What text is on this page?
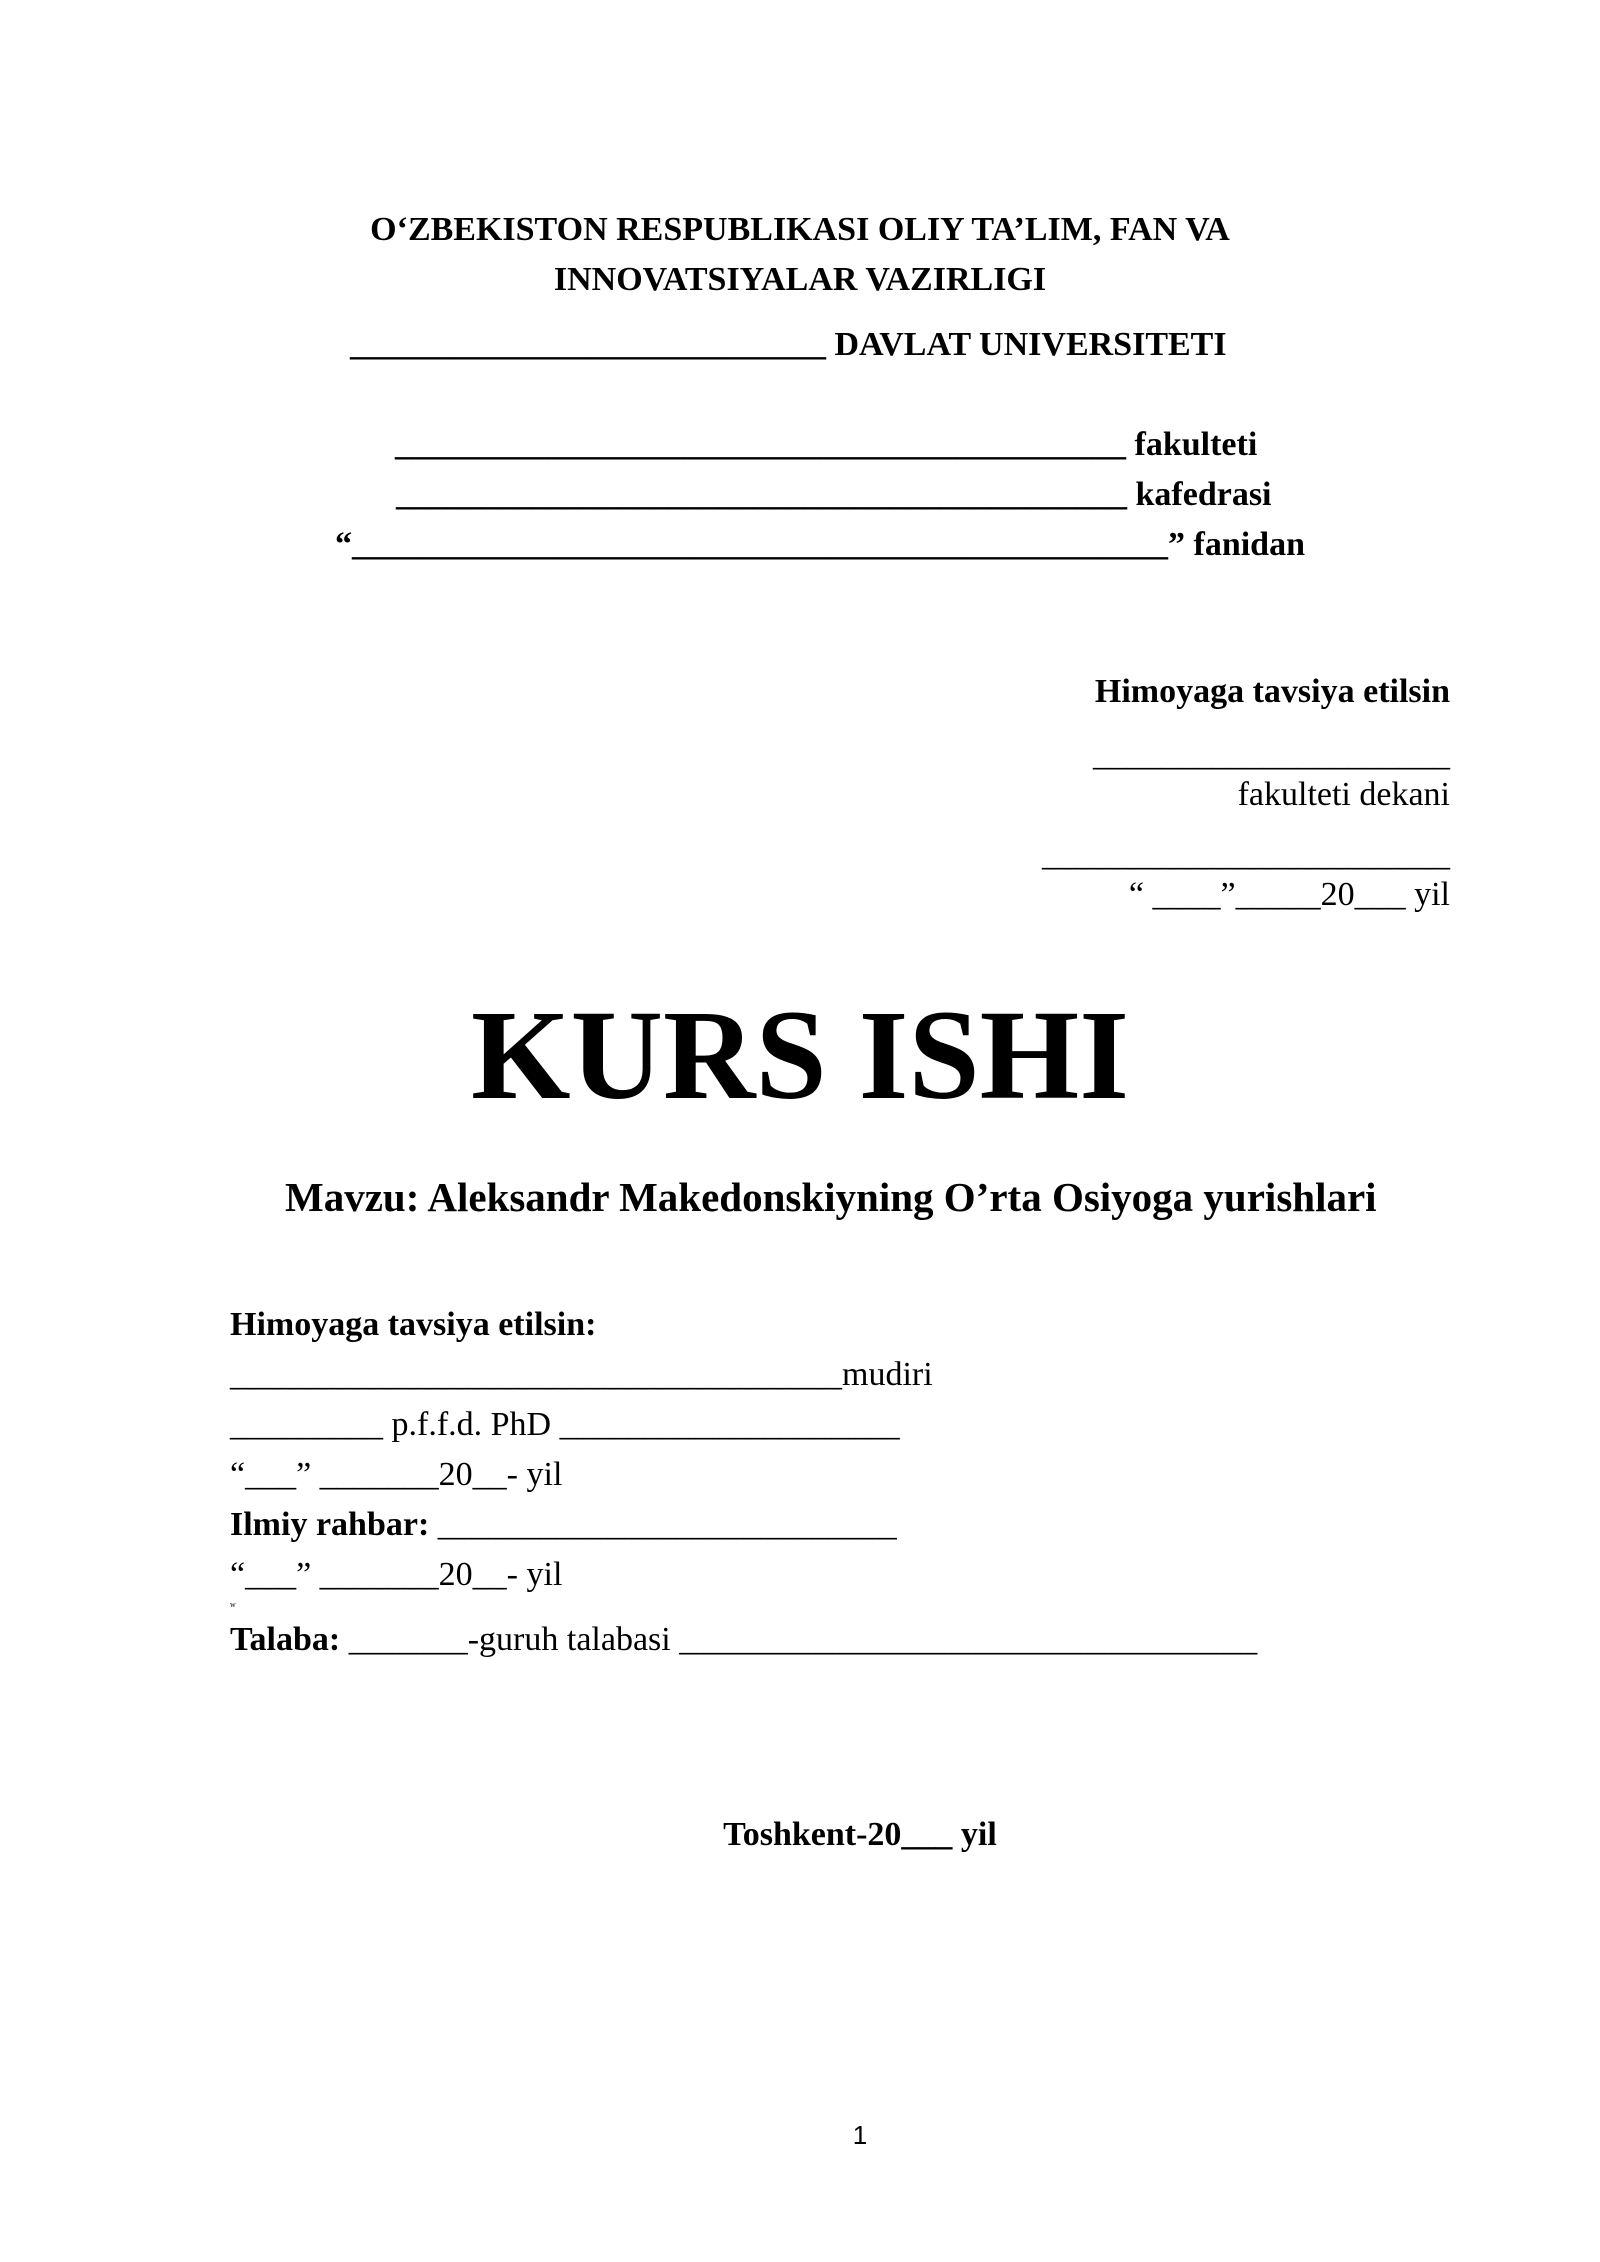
O‘ZBEKISTON RESPUBLIKASI OLIY TA’LIM, FAN VA
INNOVATSIYALAR VAZIRLIGI
____________________________ DAVLAT UNIVERSITETI
___________________________________________ fakulteti
___________________________________________ kafedrasi
“________________________________________________” fanidan
Himoyaga tavsiya etilsin
_____________________
fakulteti dekani
________________________
“ ____”_____20___ yil
KURS ISHI
Mavzu: Aleksandr Makedonskiyning O’rta Osiyoga yurishlari
Himoyaga tavsiya etilsin:
____________________________________mudiri
_________ p.f.f.d. PhD ____________________
“___” _______20__- yil
Ilmiy rahbar: ___________________________
“___” _______20__- yil
w
Talaba: _______-guruh talabasi __________________________________
Toshkent-20___ yil
1
